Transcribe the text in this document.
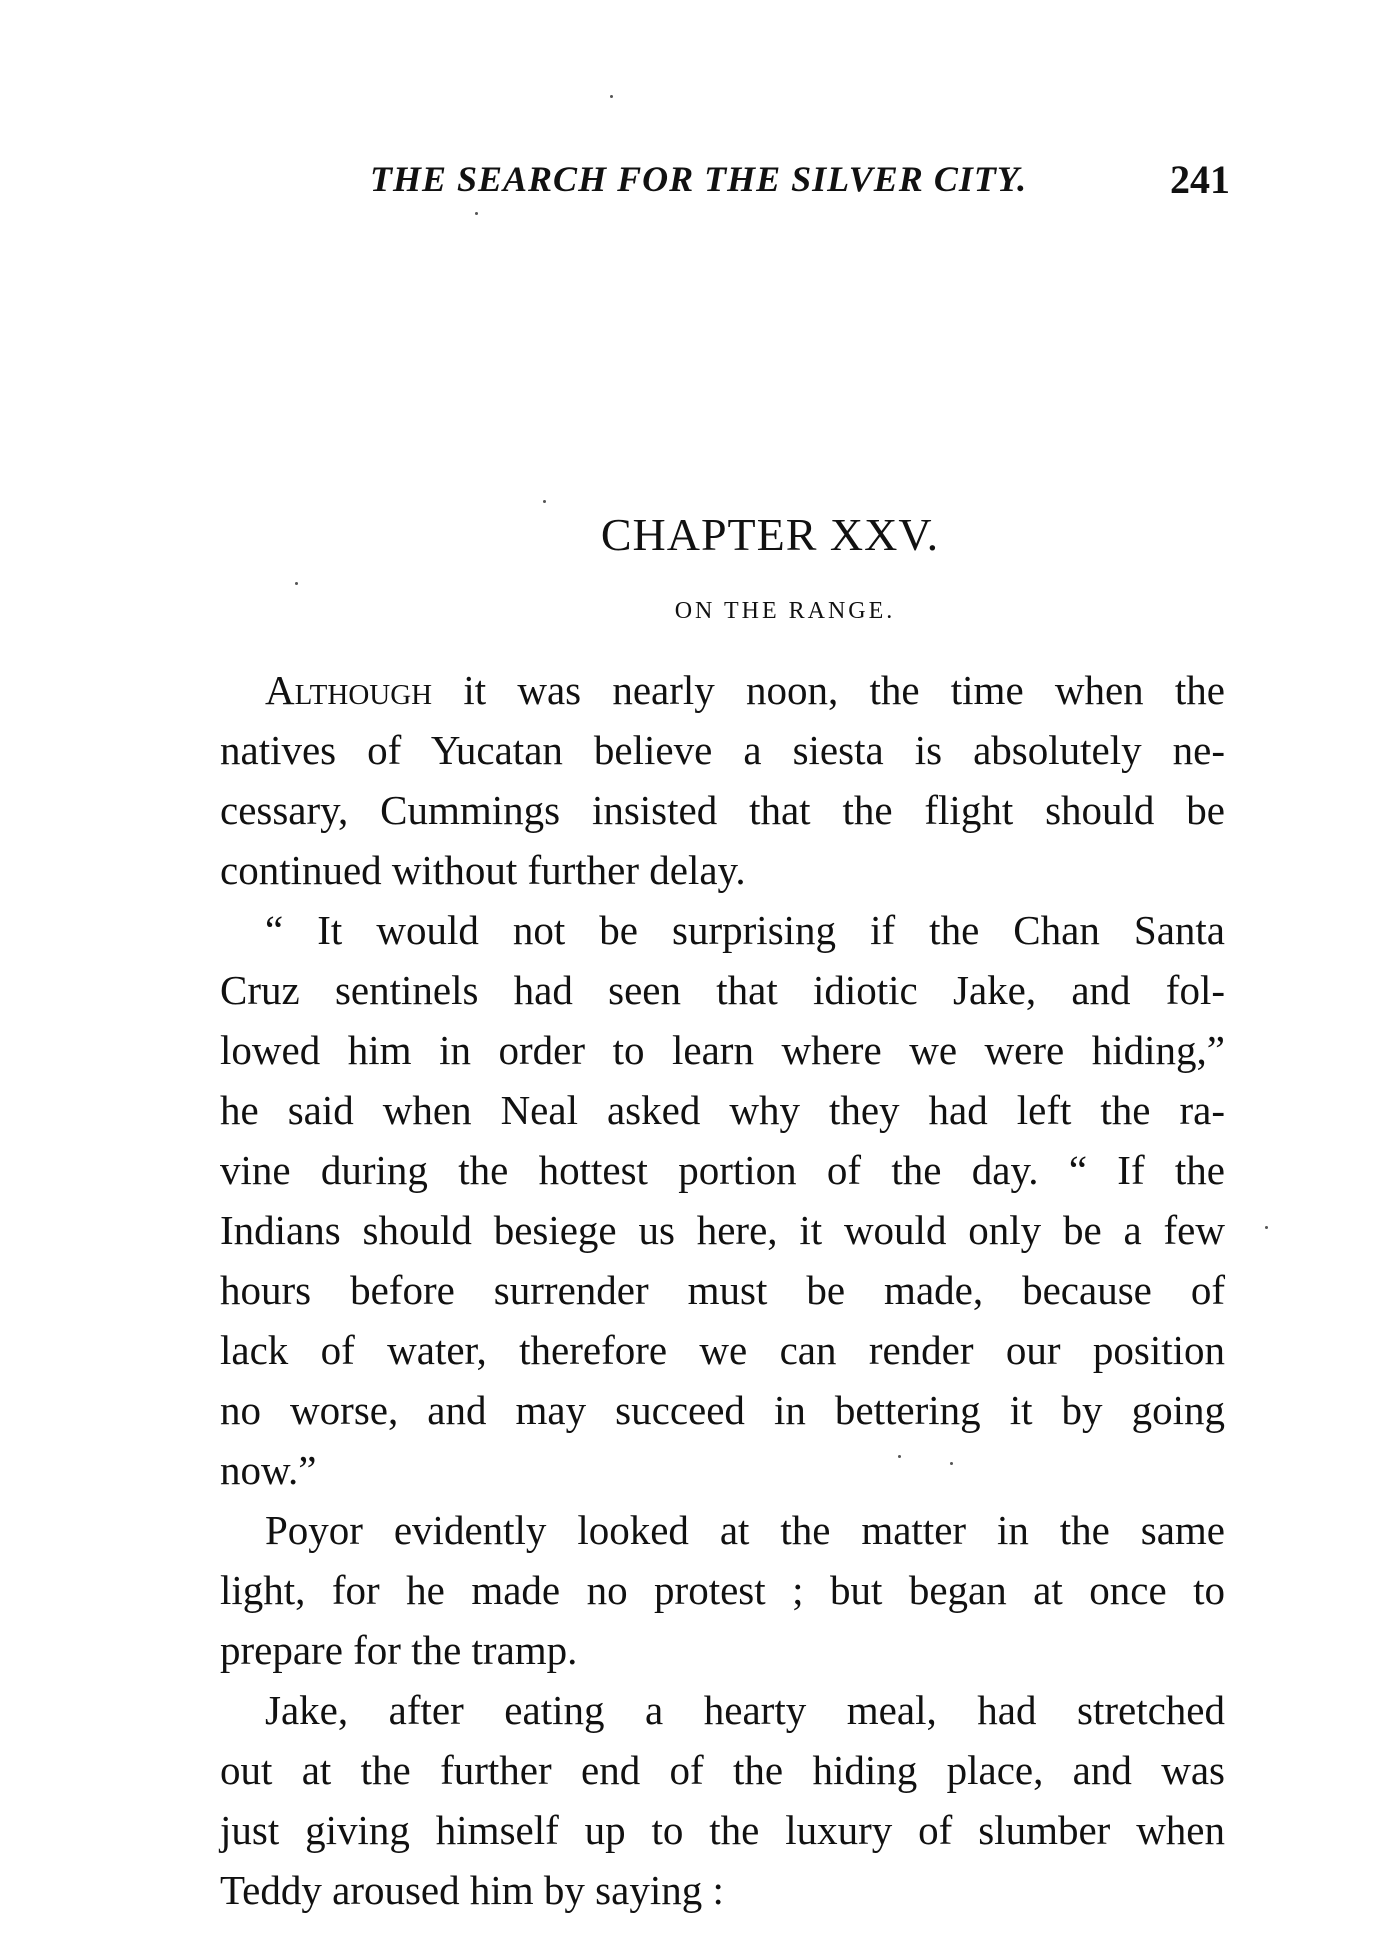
THE SEARCH FOR THE SILVER CITY.	241
CHAPTER XXV.
ON THE RANGE.
Although it was nearly noon, the time when the
natives of Yucatan believe a siesta is absolutely ne-
cessary, Cummings insisted that the flight should be
continued without further delay.
“ It would not be surprising if the Chan Santa
Cruz sentinels had seen that idiotic Jake, and fol-
lowed him in order to learn where we were hiding,”
he said when Neal asked why they had left the ra-
vine during the hottest portion of the day. “ If the
Indians should besiege us here, it would only be a few
hours before surrender must be made, because of
lack of water, therefore we can render our position
no worse, and may succeed in bettering it by going
now.”
Poyor evidently looked at the matter in the same
light, for he made no protest ; but began at once to
prepare for the tramp.
Jake, after eating a hearty meal, had stretched
out at the further end of the hiding place, and was
just giving himself up to the luxury of slumber when
Teddy aroused him by saying :
